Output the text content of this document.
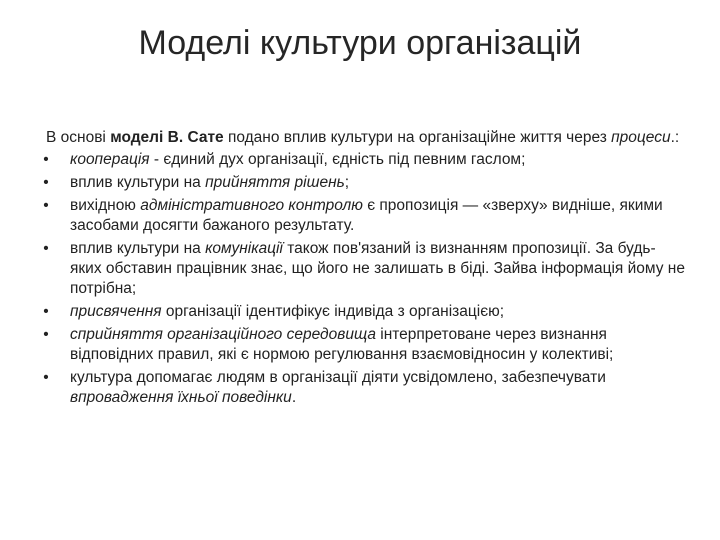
Моделі культури організацій

В основі моделі В. Сате подано вплив культури на організаційне життя через процеси.:

• кооперація - єдиний дух організації, єдність під певним гаслом;
• вплив культури на прийняття рішень;
• вихідною адміністративного контролю є пропозиція — «зверху» видніше, якими засобами досягти бажаного результату.
• вплив культури на комунікації також пов'язаний із визнанням пропозиції. За будь-яких обставин працівник знає, що його не залишать в біді. Зайва інформація йому не потрібна;
• присвячення організації ідентифікує індивіда з організацією;
• сприйняття організаційного середовища інтерпретоване через визнання відповідних правил, які є нормою регулювання взаємовідносин у колективі;
• культура допомагає людям в організації діяти усвідомлено, забезпечувати впровадження їхньої поведінки.
